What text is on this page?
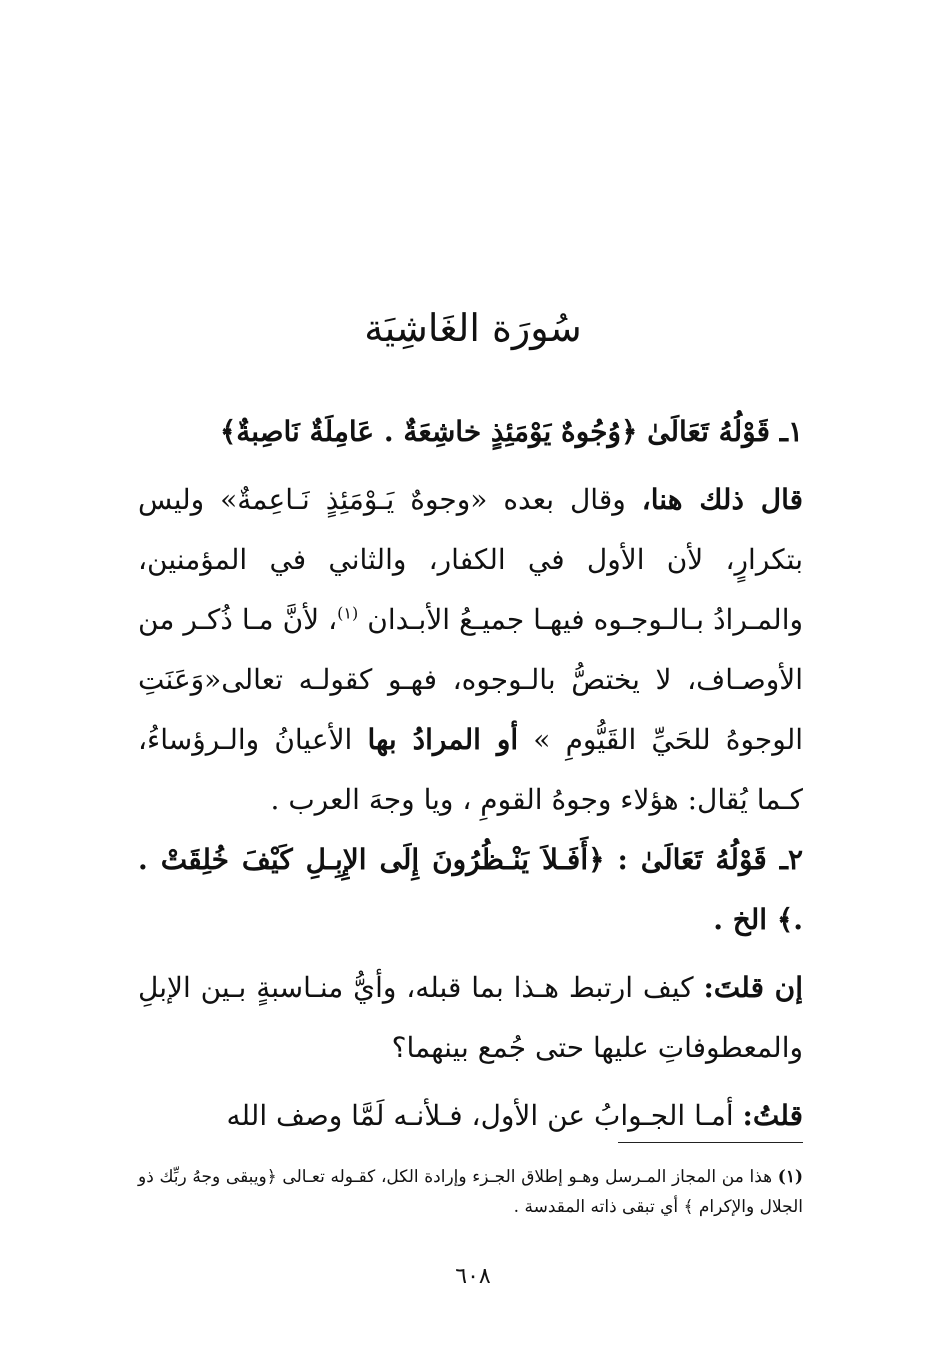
سُورَة الغَاشِيَة

١ـ قَوْلُهُ تَعَالَىٰ ﴿وُجُوهٌ يَوْمَئِذٍ خاشِعَةٌ . عَامِلَةٌ نَاصِبةٌ﴾

قال ذلك هنا، وقال بعده «وجوهٌ يَـوْمَئِذٍ نَـاعِمةٌ» وليس بتكرارٍ، لأن الأول في الكفار، والثاني في المؤمنين، والمـرادُ بـالـوجـوه فيهـا جميـعُ الأبـدان $^{(١)}$، لأنَّ مـا ذُكـر من الأوصـاف، لا يختصُّ بالـوجوه، فهـو كقولـه تعالى«وَعَنَتِ الوجوهُ للحَيِّ القَيُّومِ » أو المرادُ بها الأعيانُ والـرؤساءُ، كـما يُقال: هؤلاء وجوهُ القومِ ، ويا وجهَ العرب .

٢ـ قَوْلُهُ تَعَالَىٰ : ﴿أَفَـلاَ يَنْـظُرُونَ إِلَى الإِبِـلِ كَيْفَ خُلِقَتْ . .﴾ الخ .

إن قلتَ: كيف ارتبط هـذا بما قبله، وأيُّ منـاسبةٍ بـين الإبلِ والمعطوفاتِ عليها حتى جُمع بينهما؟

قلتُ: أمـا الجـوابُ عن الأول، فـلأنـه لَمَّا وصف الله

(١) هذا من المجاز المـرسل وهـو إطلاق الجـزء وإرادة الكل، كقـوله تعـالى ﴿ويبقى وجهُ ربِّك ذو الجلال والإكرام ﴾ أي تبقى ذاته المقدسة .

٦٠٨
